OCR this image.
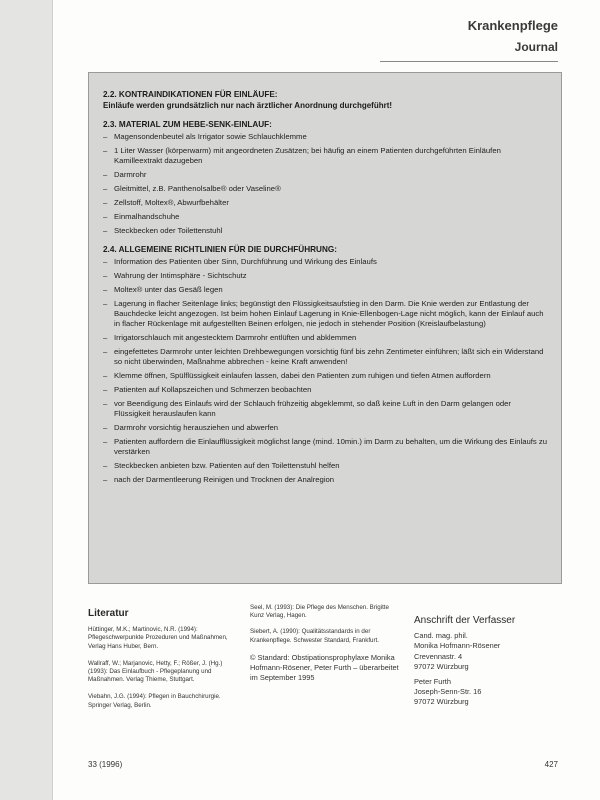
Krankenpflege
Journal
2.2. KONTRAINDIKATIONEN FÜR EINLÄUFE:
Einläufe werden grundsätzlich nur nach ärztlicher Anordnung durchgeführt!
2.3. MATERIAL ZUM HEBE-SENK-EINLAUF:
– Magensondenbeutel als Irrigator sowie Schlauchklemme
– 1 Liter Wasser (körperwarm) mit angeordneten Zusätzen; bei häufig an einem Patienten durchgeführten Einläufen Kamilleextrakt dazugeben
– Darmrohr
– Gleitmittel, z.B. Panthenolsalbe® oder Vaseline®
– Zellstoff, Moltex®, Abwurfbehälter
– Einmalhandschuhe
– Steckbecken oder Toilettenstuhl
2.4. ALLGEMEINE RICHTLINIEN FÜR DIE DURCHFÜHRUNG:
– Information des Patienten über Sinn, Durchführung und Wirkung des Einlaufs
– Wahrung der Intimsphäre - Sichtschutz
– Moltex® unter das Gesäß legen
– Lagerung in flacher Seitenlage links; begünstigt den Flüssigkeitsaufstieg in den Darm. Die Knie werden zur Entlastung der Bauchdecke leicht angezogen. Ist beim hohen Einlauf Lagerung in Knie-Ellenbogen-Lage nicht möglich, kann der Einlauf auch in flacher Rückenlage mit aufgestellten Beinen erfolgen, nie jedoch in stehender Position (Kreislaufbelastung)
– Irrigatorschlauch mit angestecktem Darmrohr entlüften und abklemmen
– eingefettetes Darmrohr unter leichten Drehbewegungen vorsichtig fünf bis zehn Zentimeter einführen; läßt sich ein Widerstand so nicht überwinden, Maßnahme abbrechen - keine Kraft anwenden!
– Klemme öffnen, Spülflüssigkeit einlaufen lassen, dabei den Patienten zum ruhigen und tiefen Atmen auffordern
– Patienten auf Kollapszeichen und Schmerzen beobachten
– vor Beendigung des Einlaufs wird der Schlauch frühzeitig abgeklemmt, so daß keine Luft in den Darm gelangen oder Flüssigkeit herauslaufen kann
– Darmrohr vorsichtig herausziehen und abwerfen
– Patienten auffordern die Einlaufflüssigkeit möglichst lange (mind. 10min.) im Darm zu behalten, um die Wirkung des Einlaufs zu verstärken
– Steckbecken anbieten bzw. Patienten auf den Toilettenstuhl helfen
– nach der Darmentleerung Reinigen und Trocknen der Analregion
Literatur
Hüttinger, M.K.; Martinovic, N.R. (1994): Pflegeschwerpunkte Prozeduren und Maßnahmen, Verlag Hans Huber, Bern.
Wallraff, W.; Marjanovic, Hetty, F.; Rößer, J. (Hg.) (1993): Das Einlaufbuch - Pflegeplanung und Maßnahmen. Verlag Thieme, Stuttgart.
Viebahn, J.G. (1994): Pflegen in Bauchchirurgie. Springer Verlag, Berlin.
Seel, M. (1993): Die Pflege des Menschen. Brigitte Kunz Verlag, Hagen.
Siebert, A. (1990): Qualitätsstandards in der Krankenpflege. Schwester Standard, Frankfurt.
© Standard: Obstipationsprophylaxe Monika Hofmann-Rösener, Peter Furth – überarbeitet im September 1995
Anschrift der Verfasser
Cand. mag. phil.
Monika Hofmann-Rösener
Crevennastr. 4
97072 Würzburg
Peter Furth
Joseph-Senn-Str. 16
97072 Würzburg
33 (1996)	427
